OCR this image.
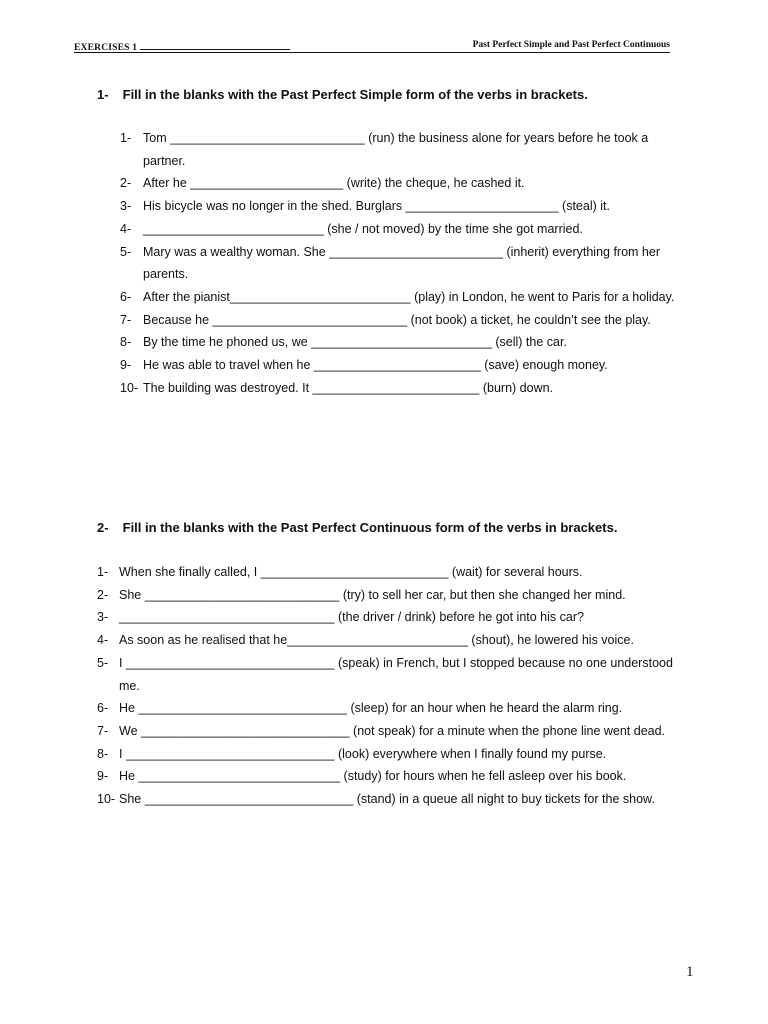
EXERCISES 1	Past Perfect Simple and Past Perfect Continuous
1- Fill in the blanks with the Past Perfect Simple form of the verbs in brackets.
1- Tom ____________________________ (run) the business alone for years before he took a partner.
2- After he ______________________ (write) the cheque, he cashed it.
3- His bicycle was no longer in the shed. Burglars ______________________ (steal) it.
4- __________________________ (she / not moved) by the time she got married.
5- Mary was a wealthy woman. She _________________________ (inherit) everything from her parents.
6- After the pianist__________________________ (play) in London, he went to Paris for a holiday.
7- Because he ____________________________ (not book) a ticket, he couldn’t see the play.
8- By the time he phoned us, we __________________________ (sell) the car.
9- He was able to travel when he ________________________ (save) enough money.
10- The building was destroyed. It ________________________ (burn) down.
2- Fill in the blanks with the Past Perfect Continuous form of the verbs in brackets.
1- When she finally called, I ___________________________ (wait) for several hours.
2- She ____________________________ (try) to sell her car, but then she changed her mind.
3- _______________________________ (the driver / drink) before he got into his car?
4- As soon as he realised that he__________________________ (shout), he lowered his voice.
5- I ______________________________ (speak) in French, but I stopped because no one understood me.
6- He ______________________________ (sleep) for an hour when he heard the alarm ring.
7- We ______________________________ (not speak) for a minute when the phone line went dead.
8- I ______________________________ (look) everywhere when I finally found my purse.
9- He _____________________________ (study) for hours when he fell asleep over his book.
10- She ______________________________ (stand) in a queue all night to buy tickets for the show.
1
